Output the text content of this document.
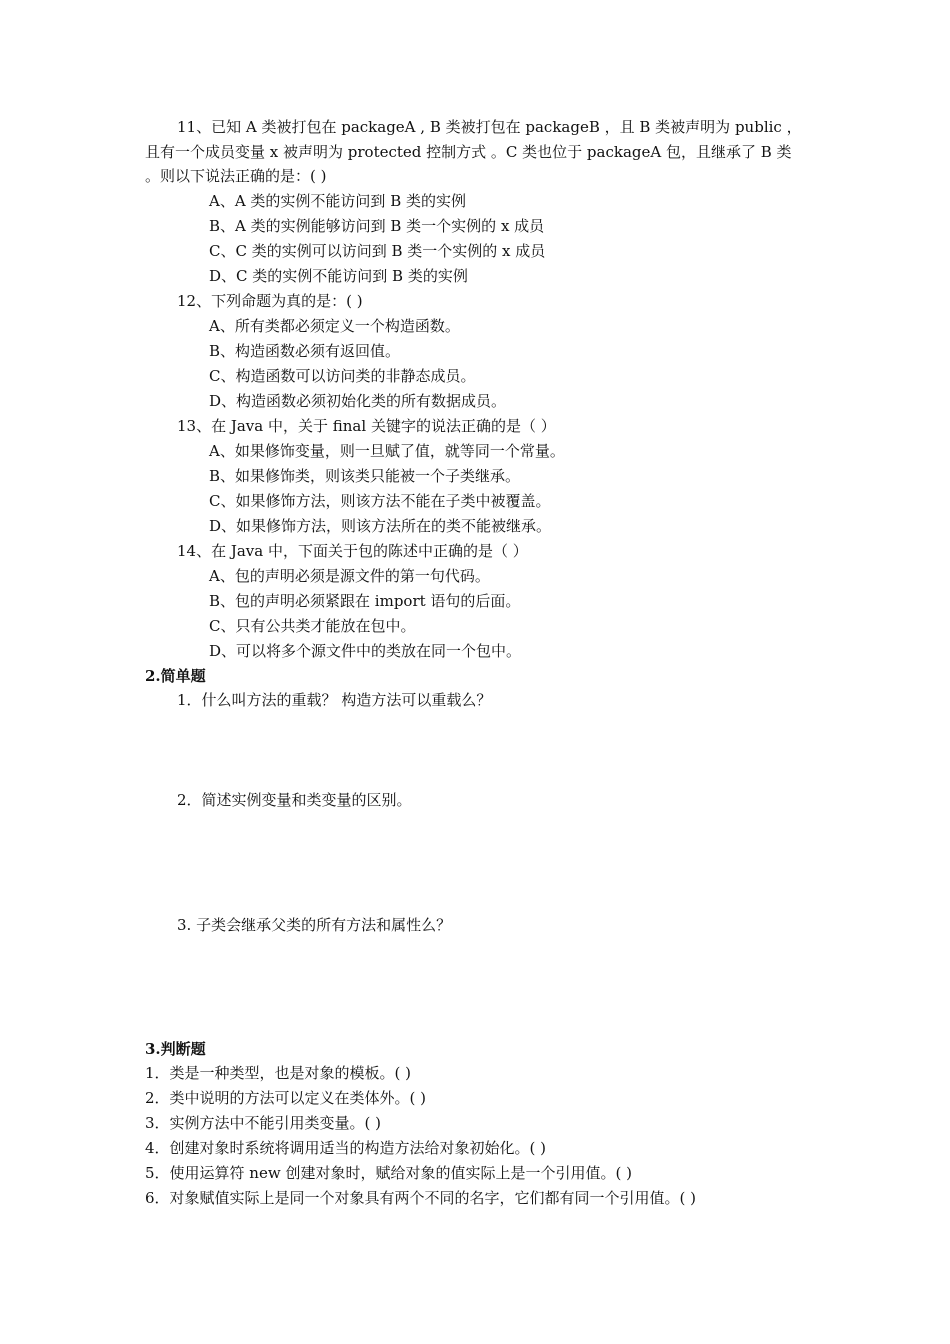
11、已知 A 类被打包在 packageA , B 类被打包在 packageB ，且 B 类被声明为 public ，且有一个成员变量 x 被声明为 protected 控制方式 。C 类也位于 packageA 包，且继承了 B 类 。则以下说法正确的是：( )
A、A 类的实例不能访问到 B 类的实例
B、A 类的实例能够访问到 B 类一个实例的 x 成员
C、C 类的实例可以访问到 B 类一个实例的 x 成员
D、C 类的实例不能访问到 B 类的实例
12、下列命题为真的是：( )
A、所有类都必须定义一个构造函数。
B、构造函数必须有返回值。
C、构造函数可以访问类的非静态成员。
D、构造函数必须初始化类的所有数据成员。
13、在 Java 中，关于 final 关键字的说法正确的是（ ）
A、如果修饰变量，则一旦赋了值，就等同一个常量。
B、如果修饰类，则该类只能被一个子类继承。
C、如果修饰方法，则该方法不能在子类中被覆盖。
D、如果修饰方法，则该方法所在的类不能被继承。
14、在 Java 中，下面关于包的陈述中正确的是（ ）
A、包的声明必须是源文件的第一句代码。
B、包的声明必须紧跟在 import 语句的后面。
C、只有公共类才能放在包中。
D、可以将多个源文件中的类放在同一个包中。
2.简单题
1．什么叫方法的重载？ 构造方法可以重载么？
2．简述实例变量和类变量的区别。
3. 子类会继承父类的所有方法和属性么？
3.判断题
1．类是一种类型，也是对象的模板。( )
2．类中说明的方法可以定义在类体外。( )
3．实例方法中不能引用类变量。( )
4．创建对象时系统将调用适当的构造方法给对象初始化。( )
5．使用运算符 new 创建对象时，赋给对象的值实际上是一个引用值。( )
6．对象赋值实际上是同一个对象具有两个不同的名字，它们都有同一个引用值。( )
